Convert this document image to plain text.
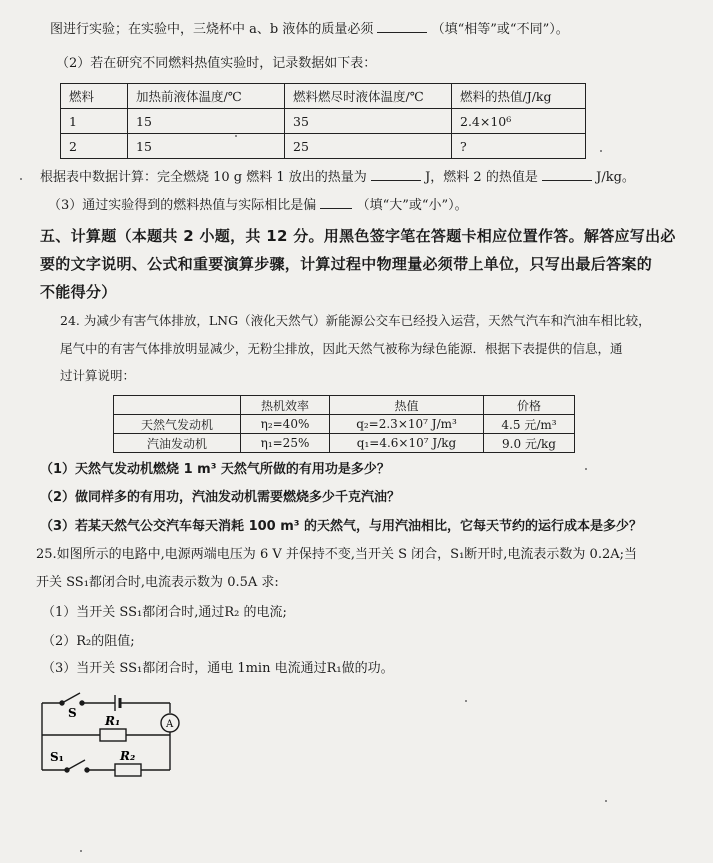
图进行实验；在实验中，三烧杯中 a、b 液体的质量必须	（填“相等”或“不同”）。
（2）若在研究不同燃料热值实验时，记录数据如下表：
燃料	加热前液体温度/℃	燃料燃尽时液体温度/℃	燃料的热值/J/kg
1	15	35	2.4×10⁶
2	15	25	?
根据表中数据计算：完全燃烧 10 g 燃料 1 放出的热量为	J，燃料 2 的热值是	J/kg。
（3）通过实验得到的燃料热值与实际相比是偏	（填“大”或“小”）。
五、计算题（本题共 2 小题，共 12 分。用黑色签字笔在答题卡相应位置作答。解答应写出必
要的文字说明、公式和重要演算步骤，计算过程中物理量必须带上单位，只写出最后答案的
不能得分）
24. 为减少有害气体排放，LNG（液化天然气）新能源公交车已经投入运营，天然气汽车和汽油车相比较，
尾气中的有害气体排放明显减少，无粉尘排放，因此天然气被称为绿色能源．根据下表提供的信息，通
过计算说明：
	热机效率	热值	价格
天然气发动机	η₂=40%	q₂=2.3×10⁷ J/m³	4.5 元/m³
汽油发动机	η₁=25%	q₁=4.6×10⁷ J/kg	9.0 元/kg
（1）天然气发动机燃烧 1 m³ 天然气所做的有用功是多少？
（2）做同样多的有用功，汽油发动机需要燃烧多少千克汽油？
（3）若某天然气公交汽车每天消耗 100 m³ 的天然气，与用汽油相比，它每天节约的运行成本是多少？
25.如图所示的电路中,电源两端电压为 6 V 并保持不变,当开关 S 闭合，S₁断开时,电流表示数为 0.2A;当
开关 SS₁都闭合时,电流表示数为 0.5A 求:
（1）当开关 SS₁都闭合时,通过R₂ 的电流;
（2）R₂的阻值;
（3）当开关 SS₁都闭合时，通电 1min 电流通过R₁做的功。
S
R₁	A
S₁	R₂
